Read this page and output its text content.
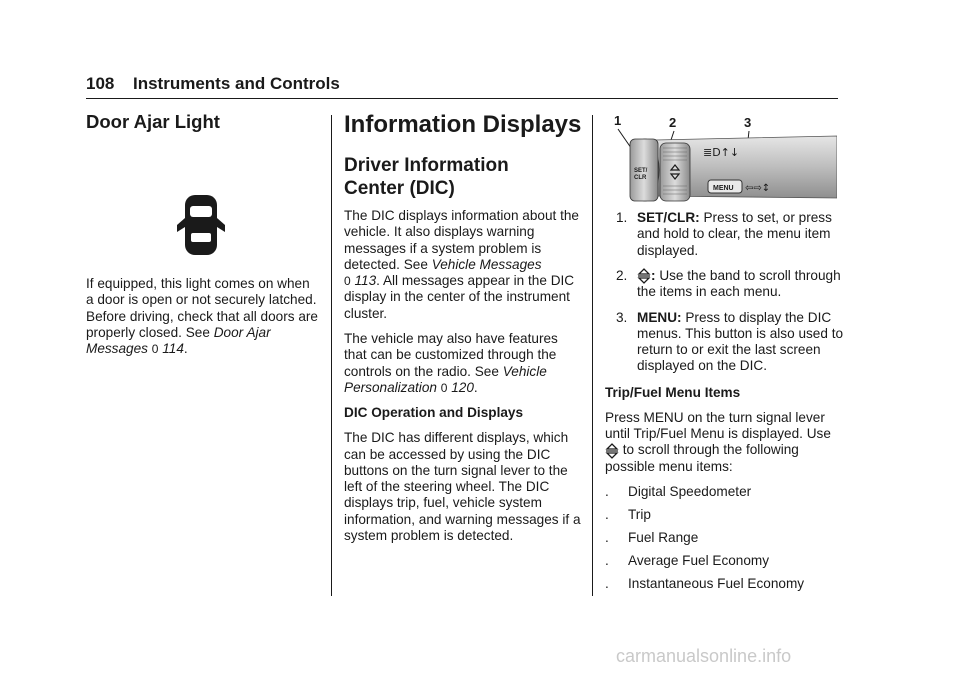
108 Instruments and Controls
Door Ajar Light

If equipped, this light comes on when a door is open or not securely latched. Before driving, check that all doors are properly closed. See Door Ajar Messages 0 114.

Information Displays
Driver Information
Center (DIC)

The DIC displays information about the vehicle. It also displays warning messages if a system problem is detected. See Vehicle Messages
0 113. All messages appear in the DIC display in the center of the instrument cluster.

The vehicle may also have features that can be customized through the controls on the radio. See Vehicle Personalization 0 120.

DIC Operation and Displays

The DIC has different displays, which can be accessed by using the DIC buttons on the turn signal lever to the left of the steering wheel. The DIC displays trip, fuel, vehicle system information, and warning messages if a system problem is detected.

1	2	3
SET/
CLR
MENU ⇦⇨↕
≣D↑↓
1. SET/CLR: Press to set, or press and hold to clear, the menu item displayed.
2. : Use the band to scroll through the items in each menu.
3. MENU: Press to display the DIC menus. This button is also used to return to or exit the last screen displayed on the DIC.
Trip/Fuel Menu Items

Press MENU on the turn signal lever until Trip/Fuel Menu is displayed. Use  to scroll through the following possible menu items:

. Digital Speedometer
. Trip
. Fuel Range
. Average Fuel Economy
. Instantaneous Fuel Economy
carmanualsonline.info
